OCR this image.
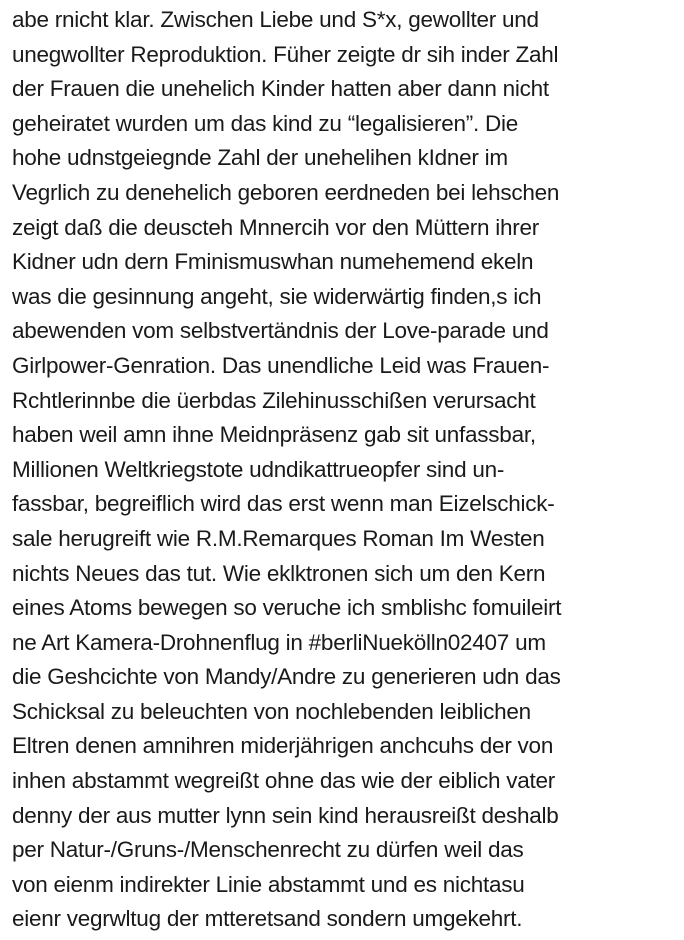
abe rnicht klar. Zwischen Liebe und S*x, gewollter und
unegwollter Reproduktion. Füher zeigte dr sih inder Zahl
der Frauen die unehelich Kinder hatten aber dann nicht
geheiratet wurden um das kind zu “legalisieren”. Die
hohe udnstgeiegnde Zahl der unehelihen kIdner im
Vegrlich zu denehelich geboren eerdneden bei lehschen
zeigt daß die deuscteh Mnnercih vor den Müttern ihrer
Kidner udn dern Fminismuswhan numehemend ekeln
was die gesinnung angeht, sie widerwärtig finden,s ich
abewenden vom selbstvertändnis der Love-parade und
Girlpower-Genration. Das unendliche Leid was Frauen-
Rchtlerinnbe die üerbdas Zilehinusschißen verursacht
haben weil amn ihne Meidnpräsenz gab sit unfassbar,
Millionen Weltkriegstote udndikattrueopfer sind un-
fassbar, begreiflich wird das erst wenn man Eizelschick-
sale herugreift wie R.M.Remarques Roman Im Westen
nichts Neues das tut. Wie eklktronen sich um den Kern
eines Atoms bewegen so veruche ich smblishc fomuileirt
ne Art Kamera-Drohnenflug in #berliNuekölln02407 um
die Geshcichte von Mandy/Andre zu generieren udn das
Schicksal zu beleuchten von nochlebenden leiblichen
Eltren denen amnihren miderjährigen anchcuhs der von
inhen abstammt wegreißt ohne das wie der eiblich vater
denny der aus mutter lynn sein kind herausreißt deshalb
per Natur-/Gruns-/Menschenrecht zu dürfen weil das
von eienm indirekter Linie abstammt und es nichtasu
eienr vegrwltug der mtteretsand sondern umgekehrt.
